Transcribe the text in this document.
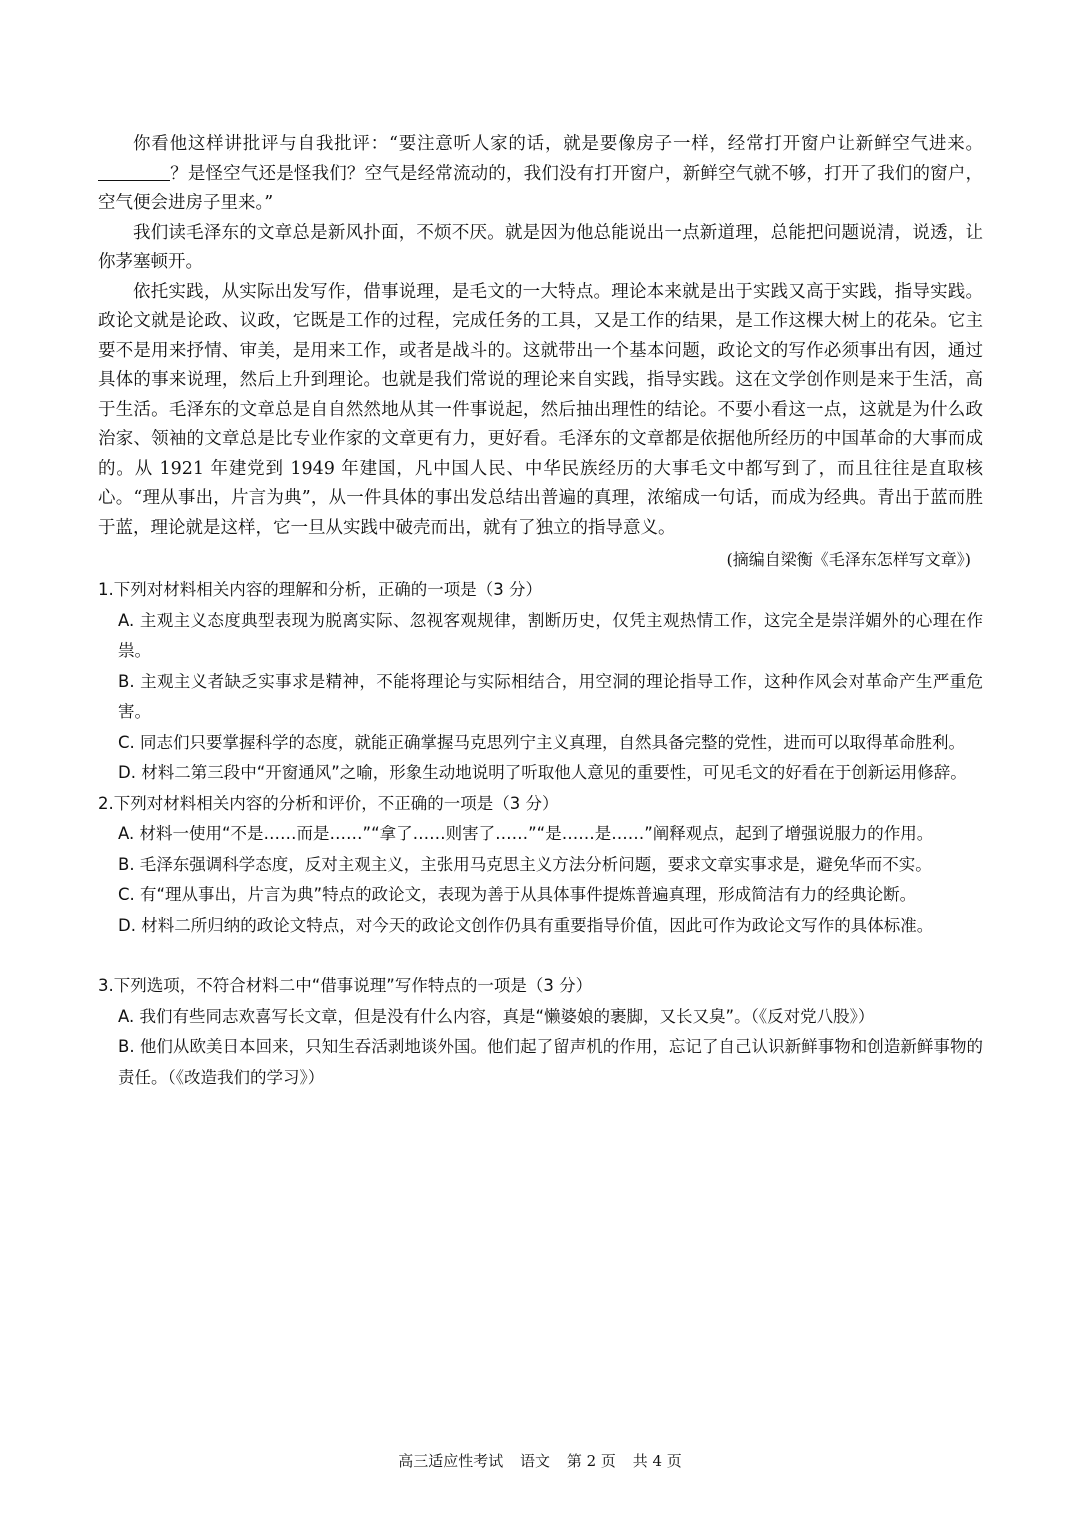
你看他这样讲批评与自我批评：“要注意听人家的话，就是要像房子一样，经常打开窗户让新鲜空气进来。？是怪空气还是怪我们？空气是经常流动的，我们没有打开窗户，新鲜空气就不够，打开了我们的窗户，空气便会进房子里来。”

我们读毛泽东的文章总是新风扑面，不烦不厌。就是因为他总能说出一点新道理，总能把问题说清，说透，让你茅塞顿开。

依托实践，从实际出发写作，借事说理，是毛文的一大特点。理论本来就是出于实践又高于实践，指导实践。政论文就是论政、议政，它既是工作的过程，完成任务的工具，又是工作的结果，是工作这棵大树上的花朵。它主要不是用来抒情、审美，是用来工作，或者是战斗的。这就带出一个基本问题，政论文的写作必须事出有因，通过具体的事来说理，然后上升到理论。也就是我们常说的理论来自实践，指导实践。这在文学创作则是来于生活，高于生活。毛泽东的文章总是自自然然地从其一件事说起，然后抽出理性的结论。不要小看这一点，这就是为什么政治家、领袖的文章总是比专业作家的文章更有力，更好看。毛泽东的文章都是依据他所经历的中国革命的大事而成的。从 1921 年建党到 1949 年建国，凡中国人民、中华民族经历的大事毛文中都写到了，而且往往是直取核心。“理从事出，片言为典”，从一件具体的事出发总结出普遍的真理，浓缩成一句话，而成为经典。青出于蓝而胜于蓝，理论就是这样，它一旦从实践中破壳而出，就有了独立的指导意义。

(摘编自梁衡《毛泽东怎样写文章》)

1.下列对材料相关内容的理解和分析，正确的一项是（3 分）

A. 主观主义态度典型表现为脱离实际、忽视客观规律，割断历史，仅凭主观热情工作，这完全是崇洋媚外的心理在作祟。

B. 主观主义者缺乏实事求是精神，不能将理论与实际相结合，用空洞的理论指导工作，这种作风会对革命产生严重危害。

C. 同志们只要掌握科学的态度，就能正确掌握马克思列宁主义真理，自然具备完整的党性，进而可以取得革命胜利。

D. 材料二第三段中“开窗通风”之喻，形象生动地说明了听取他人意见的重要性，可见毛文的好看在于创新运用修辞。

2.下列对材料相关内容的分析和评价，不正确的一项是（3 分）

A. 材料一使用“不是……而是……”“拿了……则害了……”“是……是……”阐释观点，起到了增强说服力的作用。

B. 毛泽东强调科学态度，反对主观主义，主张用马克思主义方法分析问题，要求文章实事求是，避免华而不实。

C. 有“理从事出，片言为典”特点的政论文，表现为善于从具体事件提炼普遍真理，形成简洁有力的经典论断。

D. 材料二所归纳的政论文特点，对今天的政论文创作仍具有重要指导价值，因此可作为政论文写作的具体标准。

3.下列选项，不符合材料二中“借事说理”写作特点的一项是（3 分）

A. 我们有些同志欢喜写长文章，但是没有什么内容，真是“懒婆娘的裹脚，又长又臭”。（《反对党八股》）

B. 他们从欧美日本回来，只知生吞活剥地谈外国。他们起了留声机的作用，忘记了自己认识新鲜事物和创造新鲜事物的责任。（《改造我们的学习》）

高三适应性考试 语文 第 2 页 共 4 页
